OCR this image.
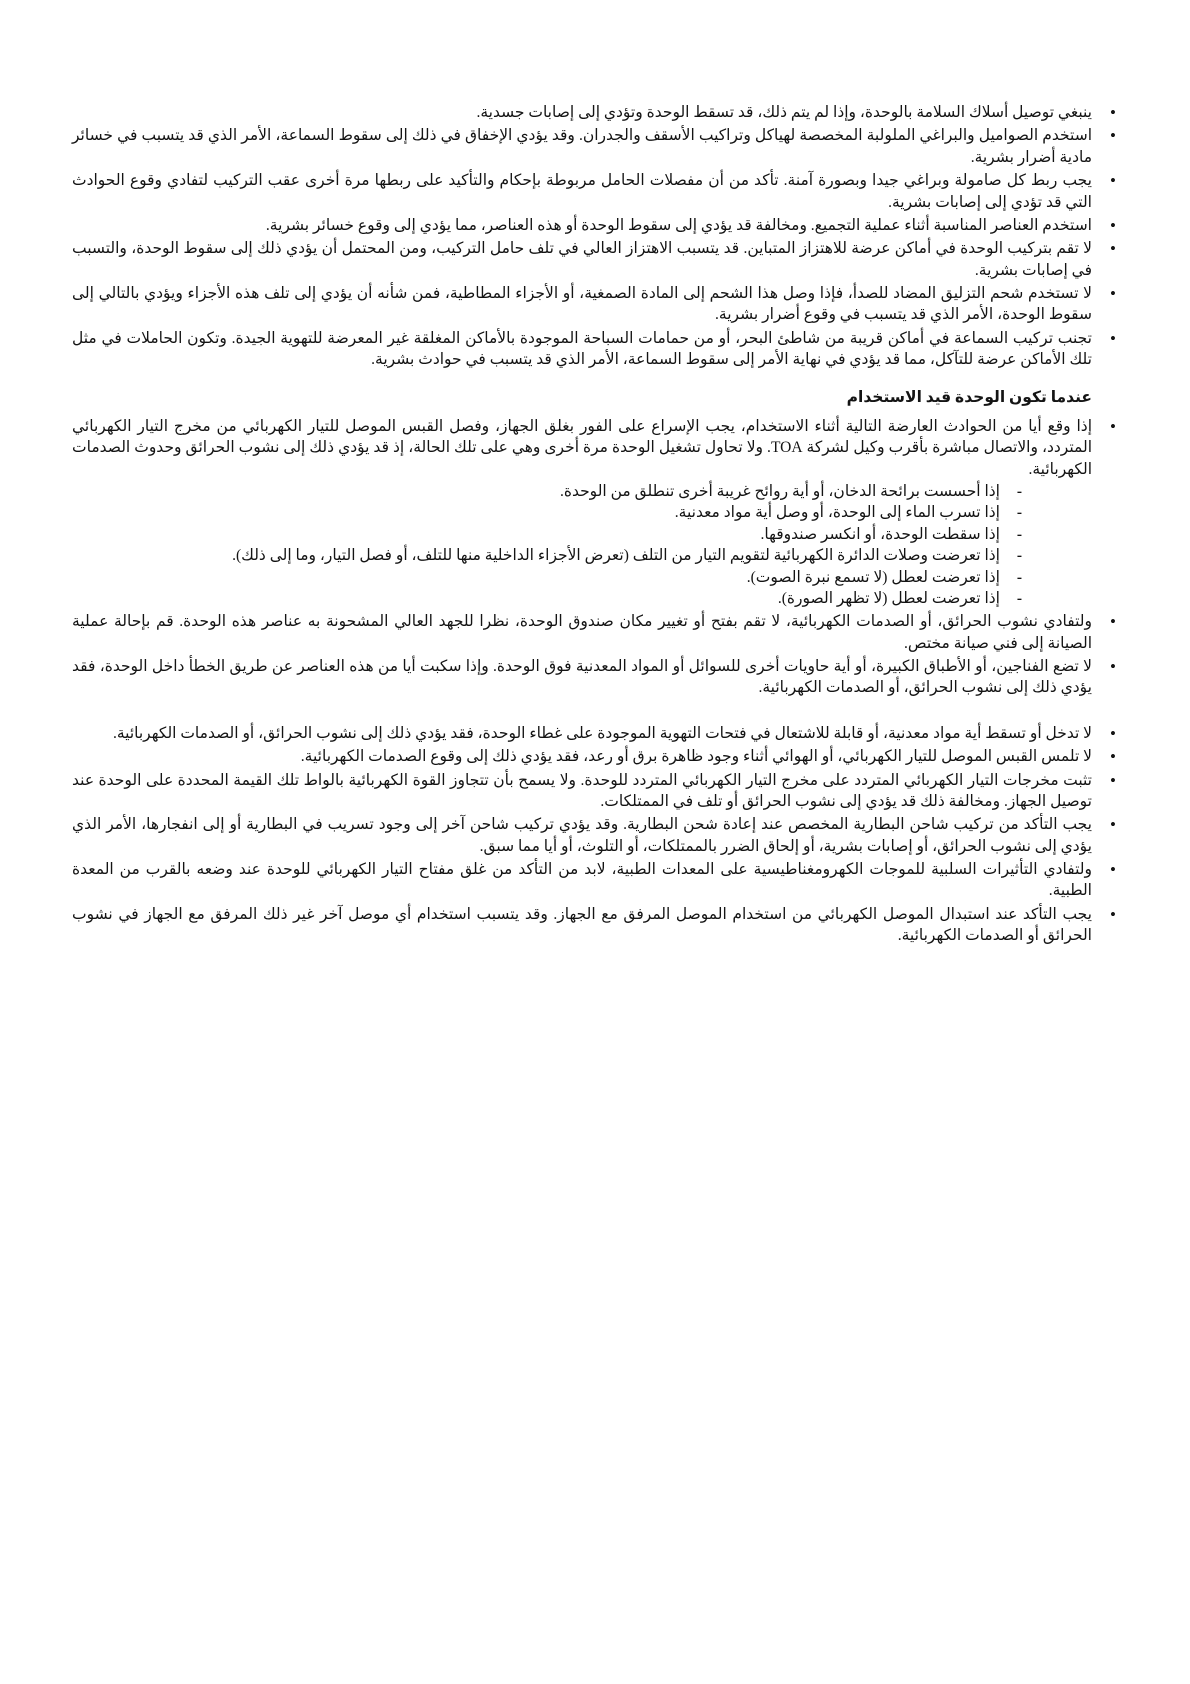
• ينبغي توصيل أسلاك السلامة بالوحدة، وإذا لم يتم ذلك، قد تسقط الوحدة وتؤدي إلى إصابات جسدية.
• استخدم الصواميل والبراغي الملولبة المخصصة لهياكل وتراكيب الأسقف والجدران. وقد يؤدي الإخفاق في ذلك إلى سقوط السماعة، الأمر الذي قد يتسبب في خسائر مادية أضرار بشرية.
• يجب ربط كل صامولة وبراغي جيدا وبصورة آمنة. تأكد من أن مفصلات الحامل مربوطة بإحكام والتأكيد على ربطها مرة أخرى عقب التركيب لتفادي وقوع الحوادث التي قد تؤدي إلى إصابات بشرية.
• استخدم العناصر المناسبة أثناء عملية التجميع. ومخالفة قد يؤدي إلى سقوط الوحدة أو هذه العناصر، مما يؤدي إلى وقوع خسائر بشرية.
• لا تقم بتركيب الوحدة في أماكن عرضة للاهتزاز المتباين. قد يتسبب الاهتزاز العالي في تلف حامل التركيب، ومن المحتمل أن يؤدي ذلك إلى سقوط الوحدة، والتسبب في إصابات بشرية.
• لا تستخدم شحم التزليق المضاد للصدأ، فإذا وصل هذا الشحم إلى المادة الصمغية، أو الأجزاء المطاطية، فمن شأنه أن يؤدي إلى تلف هذه الأجزاء ويؤدي بالتالي إلى سقوط الوحدة، الأمر الذي قد يتسبب في وقوع أضرار بشرية.
• تجنب تركيب السماعة في أماكن قريبة من شاطئ البحر، أو من حمامات السباحة الموجودة بالأماكن المغلقة غير المعرضة للتهوية الجيدة. وتكون الحاملات في مثل تلك الأماكن عرضة للتآكل، مما قد يؤدي في نهاية الأمر إلى سقوط السماعة، الأمر الذي قد يتسبب في حوادث بشرية.
عندما تكون الوحدة قيد الاستخدام
• إذا وقع أيا من الحوادث العارضة التالية أثناء الاستخدام، يجب الإسراع على الفور بغلق الجهاز، وفصل القبس الموصل للتيار الكهربائي من مخرج التيار الكهربائي المتردد، والاتصال مباشرة بأقرب وكيل لشركة TOA. ولا تحاول تشغيل الوحدة مرة أخرى وهي على تلك الحالة، إذ قد يؤدي ذلك إلى نشوب الحرائق وحدوث الصدمات الكهربائية.
- إذا أحسست برائحة الدخان، أو أية روائح غريبة أخرى تنطلق من الوحدة.
- إذا تسرب الماء إلى الوحدة، أو وصل أية مواد معدنية.
- إذا سقطت الوحدة، أو انكسر صندوقها.
- إذا تعرضت وصلات الدائرة الكهربائية لتقويم التيار من التلف (تعرض الأجزاء الداخلية منها للتلف، أو فصل التيار، وما إلى ذلك).
- إذا تعرضت لعطل (لا تسمع نبرة الصوت).
- إذا تعرضت لعطل (لا تظهر الصورة).
• ولتفادي نشوب الحرائق، أو الصدمات الكهربائية، لا تقم بفتح أو تغيير مكان صندوق الوحدة، نظرا للجهد العالي المشحونة به عناصر هذه الوحدة. قم بإحالة عملية الصيانة إلى فني صيانة مختص.
• لا تضع الفناجين، أو الأطباق الكبيرة، أو أية حاويات أخرى للسوائل أو المواد المعدنية فوق الوحدة. وإذا سكبت أيا من هذه العناصر عن طريق الخطأ داخل الوحدة، فقد يؤدي ذلك إلى نشوب الحرائق، أو الصدمات الكهربائية.
• لا تدخل أو تسقط أية مواد معدنية، أو قابلة للاشتعال في فتحات التهوية الموجودة على غطاء الوحدة، فقد يؤدي ذلك إلى نشوب الحرائق، أو الصدمات الكهربائية.
• لا تلمس القبس الموصل للتيار الكهربائي، أو الهوائي أثناء وجود ظاهرة برق أو رعد، فقد يؤدي ذلك إلى وقوع الصدمات الكهربائية.
• تثبت مخرجات التيار الكهربائي المتردد على مخرج التيار الكهربائي المتردد للوحدة. ولا يسمح بأن تتجاوز القوة الكهربائية بالواط تلك القيمة المحددة على الوحدة عند توصيل الجهاز. ومخالفة ذلك قد يؤدي إلى نشوب الحرائق أو تلف في الممتلكات.
• يجب التأكد من تركيب شاحن البطارية المخصص عند إعادة شحن البطارية. وقد يؤدي تركيب شاحن آخر إلى وجود تسريب في البطارية أو إلى انفجارها، الأمر الذي يؤدي إلى نشوب الحرائق، أو إصابات بشرية، أو إلحاق الضرر بالممتلكات، أو التلوث، أو أيا مما سبق.
• ولتفادي التأثيرات السلبية للموجات الكهرومغناطيسية على المعدات الطبية، لابد من التأكد من غلق مفتاح التيار الكهربائي للوحدة عند وضعه بالقرب من المعدة الطبية.
• يجب التأكد عند استبدال الموصل الكهربائي من استخدام الموصل المرفق مع الجهاز. وقد يتسبب استخدام أي موصل آخر غير ذلك المرفق مع الجهاز في نشوب الحرائق أو الصدمات الكهربائية.
